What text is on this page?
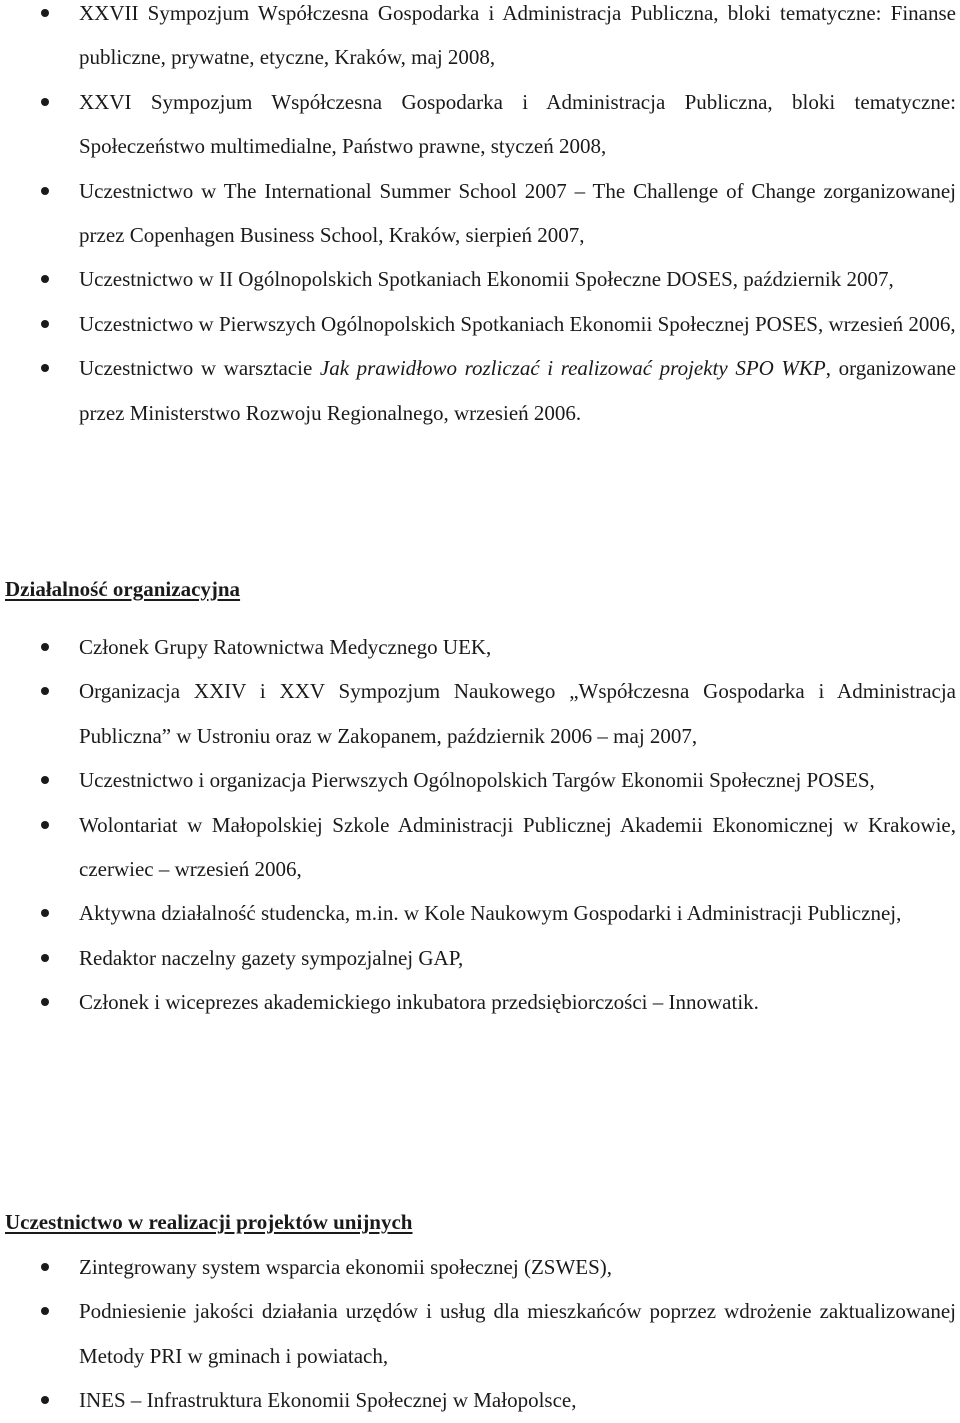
XXVII Sympozjum Współczesna Gospodarka i Administracja Publiczna, bloki tematyczne: Finanse publiczne, prywatne, etyczne, Kraków, maj 2008,
XXVI Sympozjum Współczesna Gospodarka i Administracja Publiczna, bloki tematyczne: Społeczeństwo multimedialne, Państwo prawne, styczeń 2008,
Uczestnictwo w The International Summer School 2007 – The Challenge of Change zorganizowanej przez Copenhagen Business School, Kraków, sierpień 2007,
Uczestnictwo w II Ogólnopolskich Spotkaniach Ekonomii Społeczne DOSES, październik 2007,
Uczestnictwo w Pierwszych Ogólnopolskich Spotkaniach Ekonomii Społecznej POSES, wrzesień 2006,
Uczestnictwo w warsztacie Jak prawidłowo rozliczać i realizować projekty SPO WKP, organizowane przez Ministerstwo Rozwoju Regionalnego, wrzesień 2006.
Działalność organizacyjna
Członek Grupy Ratownictwa Medycznego UEK,
Organizacja XXIV i XXV Sympozjum Naukowego „Współczesna Gospodarka i Administracja Publiczna” w Ustroniu oraz w Zakopanem, październik 2006 – maj 2007,
Uczestnictwo i organizacja Pierwszych Ogólnopolskich Targów Ekonomii Społecznej POSES,
Wolontariat w Małopolskiej Szkole Administracji Publicznej Akademii Ekonomicznej w Krakowie, czerwiec – wrzesień 2006,
Aktywna działalność studencka, m.in. w Kole Naukowym Gospodarki i Administracji Publicznej,
Redaktor naczelny gazety sympozjalnej GAP,
Członek i wiceprezes akademickiego inkubatora przedsiębiorczości – Innowatik.
Uczestnictwo w realizacji projektów unijnych
Zintegrowany system wsparcia ekonomii społecznej (ZSWES),
Podniesienie jakości działania urzędów i usług dla mieszkańców poprzez wdrożenie zaktualizowanej Metody PRI w gminach i powiatach,
INES – Infrastruktura Ekonomii Społecznej w Małopolsce,
